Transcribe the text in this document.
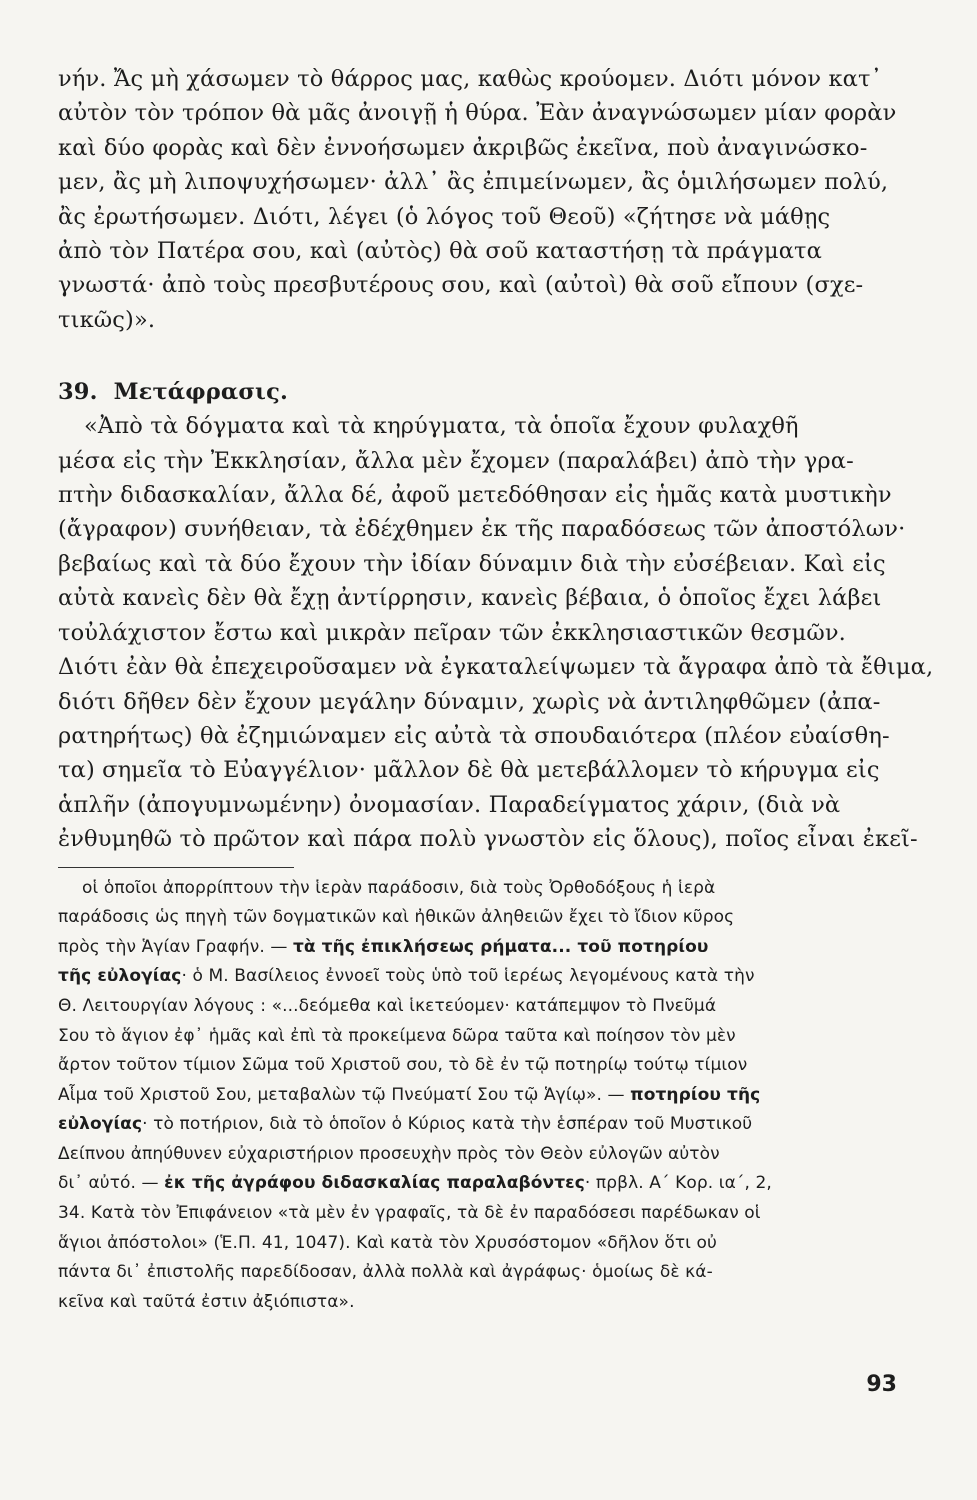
νήν. Ἄς μὴ χάσωμεν τὸ θάρρος μας, καθὼς κρούομεν. Διότι μόνον κατ᾽
αὐτὸν τὸν τρόπον θὰ μᾶς ἀνοιγῇ ἡ θύρα. Ἐὰν ἀναγνώσωμεν μίαν φορὰν
καὶ δύο φορὰς καὶ δὲν ἐννοήσωμεν ἀκριβῶς ἐκεῖνα, ποὺ ἀναγινώσκο-
μεν, ἂς μὴ λιποψυχήσωμεν· ἀλλ᾽ ἂς ἐπιμείνωμεν, ἂς ὁμιλήσωμεν πολύ,
ἂς ἐρωτήσωμεν. Διότι, λέγει (ὁ λόγος τοῦ Θεοῦ) «ζήτησε νὰ μάθῃς
ἀπὸ τὸν Πατέρα σου, καὶ (αὐτὸς) θὰ σοῦ καταστήσῃ τὰ πράγματα
γνωστά· ἀπὸ τοὺς πρεσβυτέρους σου, καὶ (αὐτοὶ) θὰ σοῦ εἴπουν (σχε-
τικῶς)».
39. Μετάφρασις.
«Ἀπὸ τὰ δόγματα καὶ τὰ κηρύγματα, τὰ ὁποῖα ἔχουν φυλαχθῆ
μέσα εἰς τὴν Ἐκκλησίαν, ἄλλα μὲν ἔχομεν (παραλάβει) ἀπὸ τὴν γρα-
πτὴν διδασκαλίαν, ἄλλα δέ, ἀφοῦ μετεδόθησαν εἰς ἡμᾶς κατὰ μυστικὴν
(ἄγραφον) συνήθειαν, τὰ ἐδέχθημεν ἐκ τῆς παραδόσεως τῶν ἀποστόλων·
βεβαίως καὶ τὰ δύο ἔχουν τὴν ἰδίαν δύναμιν διὰ τὴν εὐσέβειαν. Καὶ εἰς
αὐτὰ κανεὶς δὲν θὰ ἔχῃ ἀντίρρησιν, κανεὶς βέβαια, ὁ ὁποῖος ἔχει λάβει
τοὐλάχιστον ἔστω καὶ μικρὰν πεῖραν τῶν ἐκκλησιαστικῶν θεσμῶν.
Διότι ἐὰν θὰ ἐπεχειροῦσαμεν νὰ ἐγκαταλείψωμεν τὰ ἄγραφα ἀπὸ τὰ ἔθιμα,
διότι δῆθεν δὲν ἔχουν μεγάλην δύναμιν, χωρὶς νὰ ἀντιληφθῶμεν (ἀπα-
ρατηρήτως) θὰ ἐζημιώναμεν εἰς αὐτὰ τὰ σπουδαιότερα (πλέον εὐαίσθη-
τα) σημεῖα τὸ Εὐαγγέλιον· μᾶλλον δὲ θὰ μετεβάλλομεν τὸ κήρυγμα εἰς
ἁπλῆν (ἀπογυμνωμένην) ὀνομασίαν. Παραδείγματος χάριν, (διὰ νὰ
ἐνθυμηθῶ τὸ πρῶτον καὶ πάρα πολὺ γνωστὸν εἰς ὅλους), ποῖος εἶναι ἐκεῖ-
οἱ ὁποῖοι ἀπορρίπτουν τὴν ἱερὰν παράδοσιν, διὰ τοὺς Ὀρθοδόξους ἡ ἱερὰ
παράδοσις ὡς πηγὴ τῶν δογματικῶν καὶ ἠθικῶν ἀληθειῶν ἔχει τὸ ἴδιον κῦρος
πρὸς τὴν Ἁγίαν Γραφήν. — τὰ τῆς ἐπικλήσεως ρήματα... τοῦ ποτηρίου
τῆς εὐλογίας· ὁ Μ. Βασίλειος ἐννοεῖ τοὺς ὑπὸ τοῦ ἱερέως λεγομένους κατὰ τὴν
Θ. Λειτουργίαν λόγους : «...δεόμεθα καὶ ἱκετεύομεν· κατάπεμψον τὸ Πνεῦμά
Σου τὸ ἅγιον ἐφ᾽ ἡμᾶς καὶ ἐπὶ τὰ προκείμενα δῶρα ταῦτα καὶ ποίησον τὸν μὲν
ἄρτον τοῦτον τίμιον Σῶμα τοῦ Χριστοῦ σου, τὸ δὲ ἐν τῷ ποτηρίῳ τούτῳ τίμιον
Αἷμα τοῦ Χριστοῦ Σου, μεταβαλὼν τῷ Πνεύματί Σου τῷ Ἁγίῳ». — ποτηρίου τῆς
εὐλογίας· τὸ ποτήριον, διὰ τὸ ὁποῖον ὁ Κύριος κατὰ τὴν ἑσπέραν τοῦ Μυστικοῦ
Δείπνου ἀπηύθυνεν εὐχαριστήριον προσευχὴν πρὸς τὸν Θεὸν εὐλογῶν αὐτὸν
δι᾽ αὐτό. — ἐκ τῆς ἀγράφου διδασκαλίας παραλαβόντες· πρβλ. Α΄ Κορ. ια΄, 2,
34. Κατὰ τὸν Ἐπιφάνειον «τὰ μὲν ἐν γραφαῖς, τὰ δὲ ἐν παραδόσεσι παρέδωκαν οἱ
ἅγιοι ἀπόστολοι» (Ἑ.Π. 41, 1047). Καὶ κατὰ τὸν Χρυσόστομον «δῆλον ὅτι οὐ
πάντα δι᾽ ἐπιστολῆς παρεδίδοσαν, ἀλλὰ πολλὰ καὶ ἀγράφως· ὁμοίως δὲ κά-
κεῖνα καὶ ταῦτά ἐστιν ἀξιόπιστα».
93
